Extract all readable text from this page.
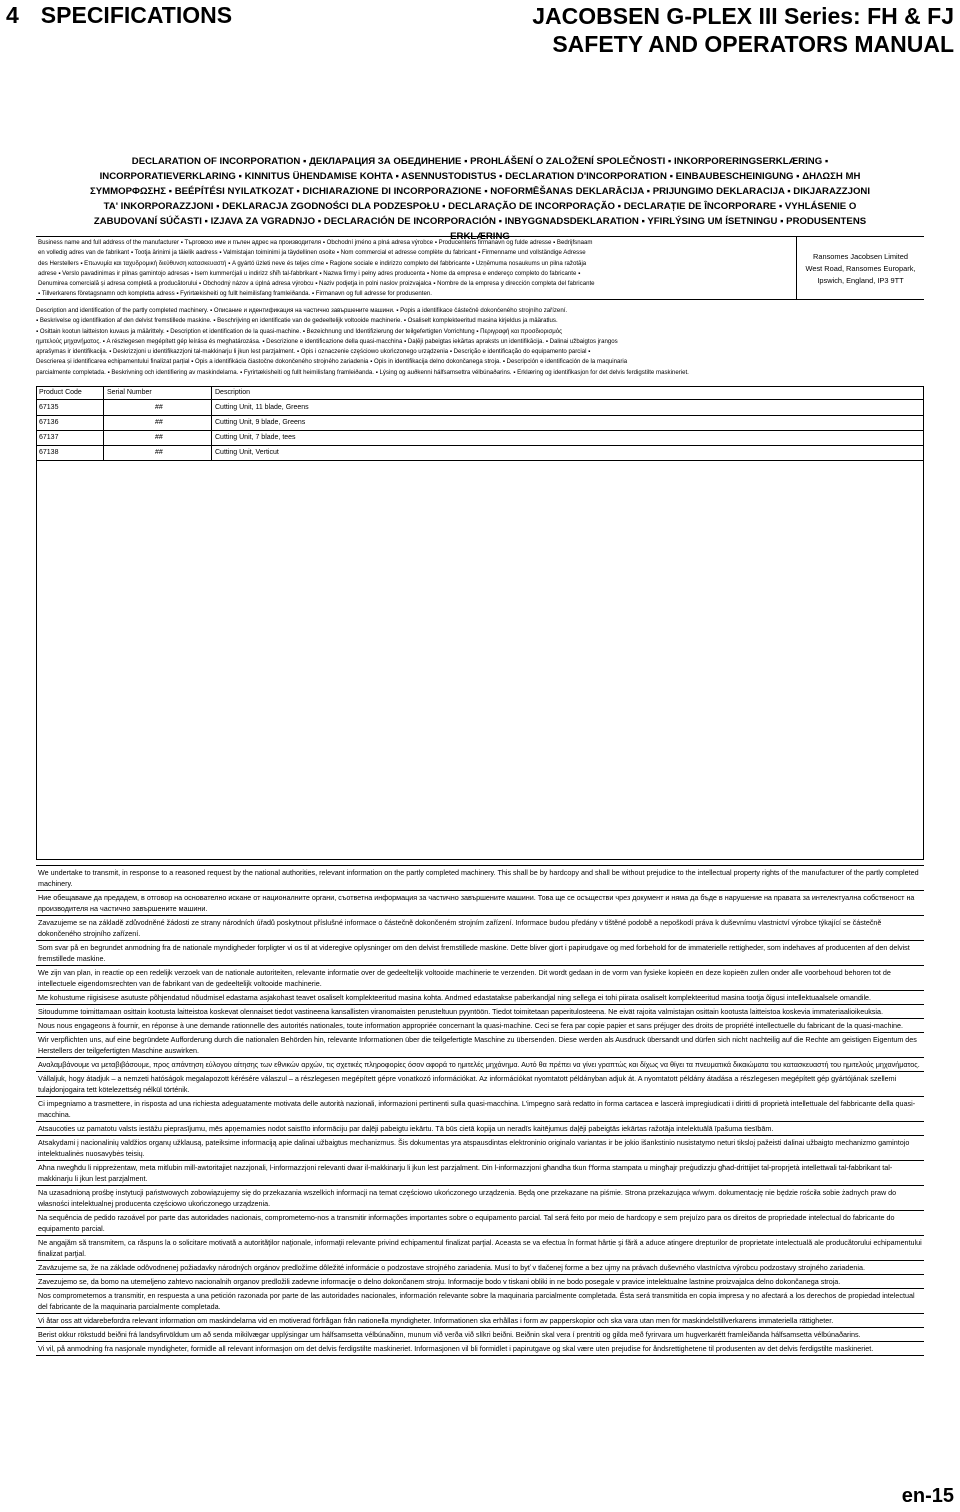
4 SPECIFICATIONS	JACOBSEN G-PLEX III Series: FH & FJ
SAFETY AND OPERATORS MANUAL
DECLARATION OF INCORPORATION ▪ ДЕКЛАРАЦИЯ ЗА ОБЕДИНЕНИЕ ▪ PROHLÁŠENÍ O ZALOŽENÍ SPOLEČNOSTI ▪ INKORPORERINGSERKLÆRING ▪
INCORPORATIEVERKLARING ▪ KINNITUS ÜHENDAMISE KOHTA ▪ ASENNUSTODISTUS ▪ DECLARATION D'INCORPORATION ▪ EINBAUBESCHEINIGUNG ▪ ΔΗΛΩΣΗ ΜΗ
ΣΥΜΜΟΡΦΩΣΗΣ ▪ BEÉPÍTÉSI NYILATKOZAT ▪ DICHIARAZIONE DI INCORPORAZIONE ▪ NOFORMĒŠANAS DEKLARĀCIJA ▪ PRIJUNGIMO DEKLARACIJA ▪ DIKJARAZZJONI
TA' INKORPORAZZJONI ▪ DEKLARACJA ZGODNOŚCI DLA PODZESPOŁU ▪ DECLARAÇÃO DE INCORPORAÇÃO ▪ DECLARAȚIE DE ÎNCORPORARE ▪ VYHLÁSENIE O
ZABUDOVANÍ SÚČASTI ▪ IZJAVA ZA VGRADNJO ▪ DECLARACIÓN DE INCORPORACIÓN ▪ INBYGGNADSDEKLARATION ▪ YFIRLÝSING UM ÍSETNINGU ▪ PRODUSENTENS
ERKLÆRING
Business name and full address of the manufacturer ▪ Търговско име и пълен адрес на производителя ▪ Obchodní jméno a plná adresa výrobce ▪ Producentens firmanavn og fulde adresse ▪ Bedrijfsnaam
en volledig adres van de fabrikant ▪ Tootja ärinimi ja täielik aadress ▪ Valmistajan toiminimi ja täydellinen osoite ▪ Nom commercial et adresse complète du fabricant ▪ Firmenname und vollständige Adresse
des Herstellers ▪ Επωνυμία και ταχυδρομική διεύθυνση κατασκευαστή ▪ A gyártó üzleti neve és teljes címe ▪ Ragione sociale e indirizzo completo del fabbricante ▪ Uzņēmuma nosaukums un pilna ražotāja
adrese ▪ Verslo pavadinimas ir pilnas gamintojo adresas ▪ Isem kummerċjali u indirizz sħiħ tal-fabbrikant ▪ Nazwa firmy i pełny adres producenta ▪ Nome da empresa e endereço completo do fabricante ▪
Denumirea comercială și adresa completă a producătorului ▪ Obchodný názov a úplná adresa výrobcu ▪ Naziv podjetja in polni naslov proizvajalca ▪ Nombre de la empresa y dirección completa del fabricante
▪ Tillverkarens företagsnamn och kompletta adress ▪ Fyrirtækisheiti og fullt heimilisfang framleiðanda. ▪ Firmanavn og full adresse for produsenten.
Ransomes Jacobsen Limited
West Road, Ransomes Europark,
Ipswich, England, IP3 9TT
Description and identification of the partly completed machinery. ▪ Описание и идентификация на частично завършените машини. ▪ Popis a identifikace částečně dokončeného strojního zařízení.
▪ Beskrivelse og identifikation af den delvist fremstillede maskine. ▪ Beschrijving en identificatie van de gedeeltelijk voltooide machinerie. ▪ Osaliselt komplekteeritud masina kirjeldus ja määratlus.
▪ Osittain kootun laitteiston kuvaus ja määrittely. ▪ Description et identification de la quasi-machine. ▪ Bezeichnung und Identifizierung der teilgefertigten Vorrichtung ▪ Περιγραφή και προσδιορισμός
ημιτελούς μηχανήματος. ▪ A részlegesen megépített gép leírása és meghatározása. ▪ Descrizione e identificazione della quasi-macchina ▪ Daļēji pabeigtas iekārtas apraksts un identifikācija. ▪ Dalinai užbaigtos įrangos
aprašymas ir identifikacija. ▪ Deskrizzjoni u identifikazzjoni tal-makkinarju li jkun lest parzjalment. ▪ Opis i oznaczenie częściowo ukończonego urządzenia ▪ Descrição e identificação do equipamento parcial ▪
Descrierea și identificarea echipamentului finalizat parțial ▪ Opis a identifikácia čiastočne dokončeného strojného zariadenia ▪ Opis in identifikacija delno dokončanega stroja. ▪ Descripción e identificación de la maquinaria
parcialmente completada. ▪ Beskrivning och identifiering av maskindelarna. ▪ Fyrirtækisheiti og fullt heimilisfang framleiðanda. ▪ Lýsing og auðkenni hálfsamsettra vélbúnaðarins. ▪ Erklæring og identifikasjon for det delvis ferdigstilte maskineriet.
Product Code	Serial Number	Description
67135	##	Cutting Unit, 11 blade, Greens
67136	##	Cutting Unit, 9 blade, Greens
67137	##	Cutting Unit, 7 blade, tees
67138	##	Cutting Unit, Verticut
We undertake to transmit, in response to a reasoned request by the national authorities, relevant information on the partly completed machinery. This shall be by hardcopy and shall be without prejudice to the intellectual property rights of the manufacturer of the partly completed machinery.
Ние обещаваме да предадем, в отговор на основателно искане от националните органи, съответна информация за частично завършените машини. Това ще се осъществи чрез документ и няма да бъде в нарушение на правата за интелектуална собственост на производителя на частично завършените машини.
Zavazujeme se na základě zdůvodněné žádosti ze strany národních úřadů poskytnout příslušné informace o částečně dokončeném strojním zařízení. Informace budou předány v tištěné podobě a nepoškodí práva k duševnímu vlastnictví výrobce týkající se částečně dokončeného strojního zařízení.
Som svar på en begrundet anmodning fra de nationale myndigheder forpligter vi os til at videregive oplysninger om den delvist fremstillede maskine. Dette bliver gjort i papirudgave og med forbehold for de immaterielle rettigheder, som indehaves af producenten af den delvist fremstillede maskine.
We zijn van plan, in reactie op een redelijk verzoek van de nationale autoriteiten, relevante informatie over de gedeeltelijk voltooide machinerie te verzenden. Dit wordt gedaan in de vorm van fysieke kopieën en deze kopieën zullen onder alle voorbehoud behoren tot de intellectuele eigendomsrechten van de fabrikant van de gedeeltelijk voltooide machinerie.
Me kohustume riigisisese asutuste põhjendatud nõudmisel edastama asjakohast teavet osaliselt komplekteeritud masina kohta. Andmed edastatakse paberkandjal ning sellega ei tohi piirata osaliselt komplekteeritud masina tootja õigusi intellektuaalsele omandile.
Sitoudumme toimittamaan osittain kootusta laitteistoa koskevat olennaiset tiedot vastineena kansallisten viranomaisten perusteltuun pyyntöön. Tiedot toimitetaan paperitulosteena. Ne eivät rajoita valmistajan osittain kootusta laitteistoa koskevia immateriaalioikeuksia.
Nous nous engageons à fournir, en réponse à une demande rationnelle des autorités nationales, toute information appropriée concernant la quasi-machine. Ceci se fera par copie papier et sans préjuger des droits de propriété intellectuelle du fabricant de la quasi-machine.
Wir verpflichten uns, auf eine begründete Aufforderung durch die nationalen Behörden hin, relevante Informationen über die teilgefertigte Maschine zu übersenden. Diese werden als Ausdruck übersandt und dürfen sich nicht nachteilig auf die Rechte am geistigen Eigentum des Herstellers der teilgefertigten Maschine auswirken.
Αναλαμβάνουμε να μεταβιβάσουμε, προς απάντηση εύλογου αίτησης των εθνικών αρχών, τις σχετικές πληροφορίες όσον αφορά το ημιτελές μηχάνημα. Αυτό θα πρέπει να γίνει γραπτώς και δίχως να θίγει τα πνευματικά δικαιώματα του κατασκευαστή του ημιτελούς μηχανήματος.
Vállaljuk, hogy átadjuk – a nemzeti hatóságok megalapozott kérésére válaszul – a részlegesen megépített gépre vonatkozó információkat. Az információkat nyomtatott példányban adjuk át. A nyomtatott példány átadása a részlegesen megépített gép gyártójának szellemi tulajdonjogaira tett kötelezettség nélkül történik.
Ci impegniamo a trasmettere, in risposta ad una richiesta adeguatamente motivata delle autorità nazionali, informazioni pertinenti sulla quasi-macchina. L'impegno sarà redatto in forma cartacea e lascerà impregiudicati i diritti di proprietà intellettuale del fabbricante della quasi-macchina.
Atsaucoties uz pamatotu valsts iestāžu pieprasījumu, mēs apņemamies nodot saistīto informāciju par daļēji pabeigtu iekārtu. Tā būs cietā kopija un neradīs kaitējumus daļēji pabeigtās iekārtas ražotāja intelektuālā īpašuma tiesībām.
Atsakydami į nacionalinių valdžios organų užklausą, pateiksime informaciją apie dalinai užbaigtus mechanizmus. Šis dokumentas yra atspausdintas elektroninio originalo variantas ir be jokio išankstinio nusistatymo neturi tiksloį pažeisti dalinai užbaigto mechanizmo gamintojo intelektualinės nuosavybės teisių.
Aħna nwegħdu li nippreżentaw, meta mitlubin mill-awtoritajiet nazzjonali, l-informazzjoni relevanti dwar il-makkinarju li jkun lest parzjalment. Din l-informazzjoni għandha tkun f'forma stampata u mingħajr preġudizzju għad-drittijiet tal-proprjetà intellettwali tal-fabbrikant tal-makkinarju li jkun lest parzjalment.
Na uzasadnioną prośbę instytucji państwowych zobowiązujemy się do przekazania wszelkich informacji na temat częściowo ukończonego urządzenia. Będą one przekazane na piśmie. Strona przekazująca w/wym. dokumentację nie będzie rościła sobie żadnych praw do własności intelektualnej producenta częściowo ukończonego urządzenia.
Na sequência de pedido razoável por parte das autoridades nacionais, comprometemo-nos a transmitir informações importantes sobre o equipamento parcial. Tal será feito por meio de hardcopy e sem prejuízo para os direitos de propriedade intelectual do fabricante do equipamento parcial.
Ne angajăm să transmitem, ca răspuns la o solicitare motivată a autorităţilor naţionale, informaţii relevante privind echipamentul finalizat parţial. Aceasta se va efectua în format hârtie şi fără a aduce atingere drepturilor de proprietate intelectuală ale producătorului echipamentului finalizat parţial.
Zaväzujeme sa, že na základe odôvodnenej požiadavky národných orgánov predložíme dôležité informácie o podzostave strojného zariadenia. Musí to byť v tlačenej forme a bez ujmy na právach duševného vlastníctva výrobcu podzostavy strojného zariadenia.
Zavezujemo se, da bomo na utemeljeno zahtevo nacionalnih organov predložili zadevne informacije o delno dokončanem stroju. Informacije bodo v tiskani obliki in ne bodo posegale v pravice intelektualne lastnine proizvajalca delno dokončanega stroja.
Nos comprometemos a transmitir, en respuesta a una petición razonada por parte de las autoridades nacionales, información relevante sobre la maquinaria parcialmente completada. Ésta será transmitida en copia impresa y no afectará a los derechos de propiedad intelectual del fabricante de la maquinaria parcialmente completada.
Vi åtar oss att vidarebefordra relevant information om maskindelarna vid en motiverad förfrågan från nationella myndigheter. Informationen ska erhållas i form av papperskopior och ska vara utan men för maskindelstillverkarens immateriella rättigheter.
Berist okkur rökstudd beiðni frá landsyfirvöldum um að senda mikilvægar upplýsingar um hálfsamsetta vélbúnaðinn, munum við verða við slíkri beiðni. Beiðnin skal vera í prentriti og gilda með fyrirvara um hugverkarétt framleiðanda hálfsamsetta vélbúnaðarins.
Vi vil, på anmodning fra nasjonale myndigheter, formidle all relevant informasjon om det delvis ferdigstilte maskineriet. Informasjonen vil bli formidlet i papirutgave og skal være uten prejudise for åndsrettighetene til produsenten av det delvis ferdigstilte maskineriet.
en-15
